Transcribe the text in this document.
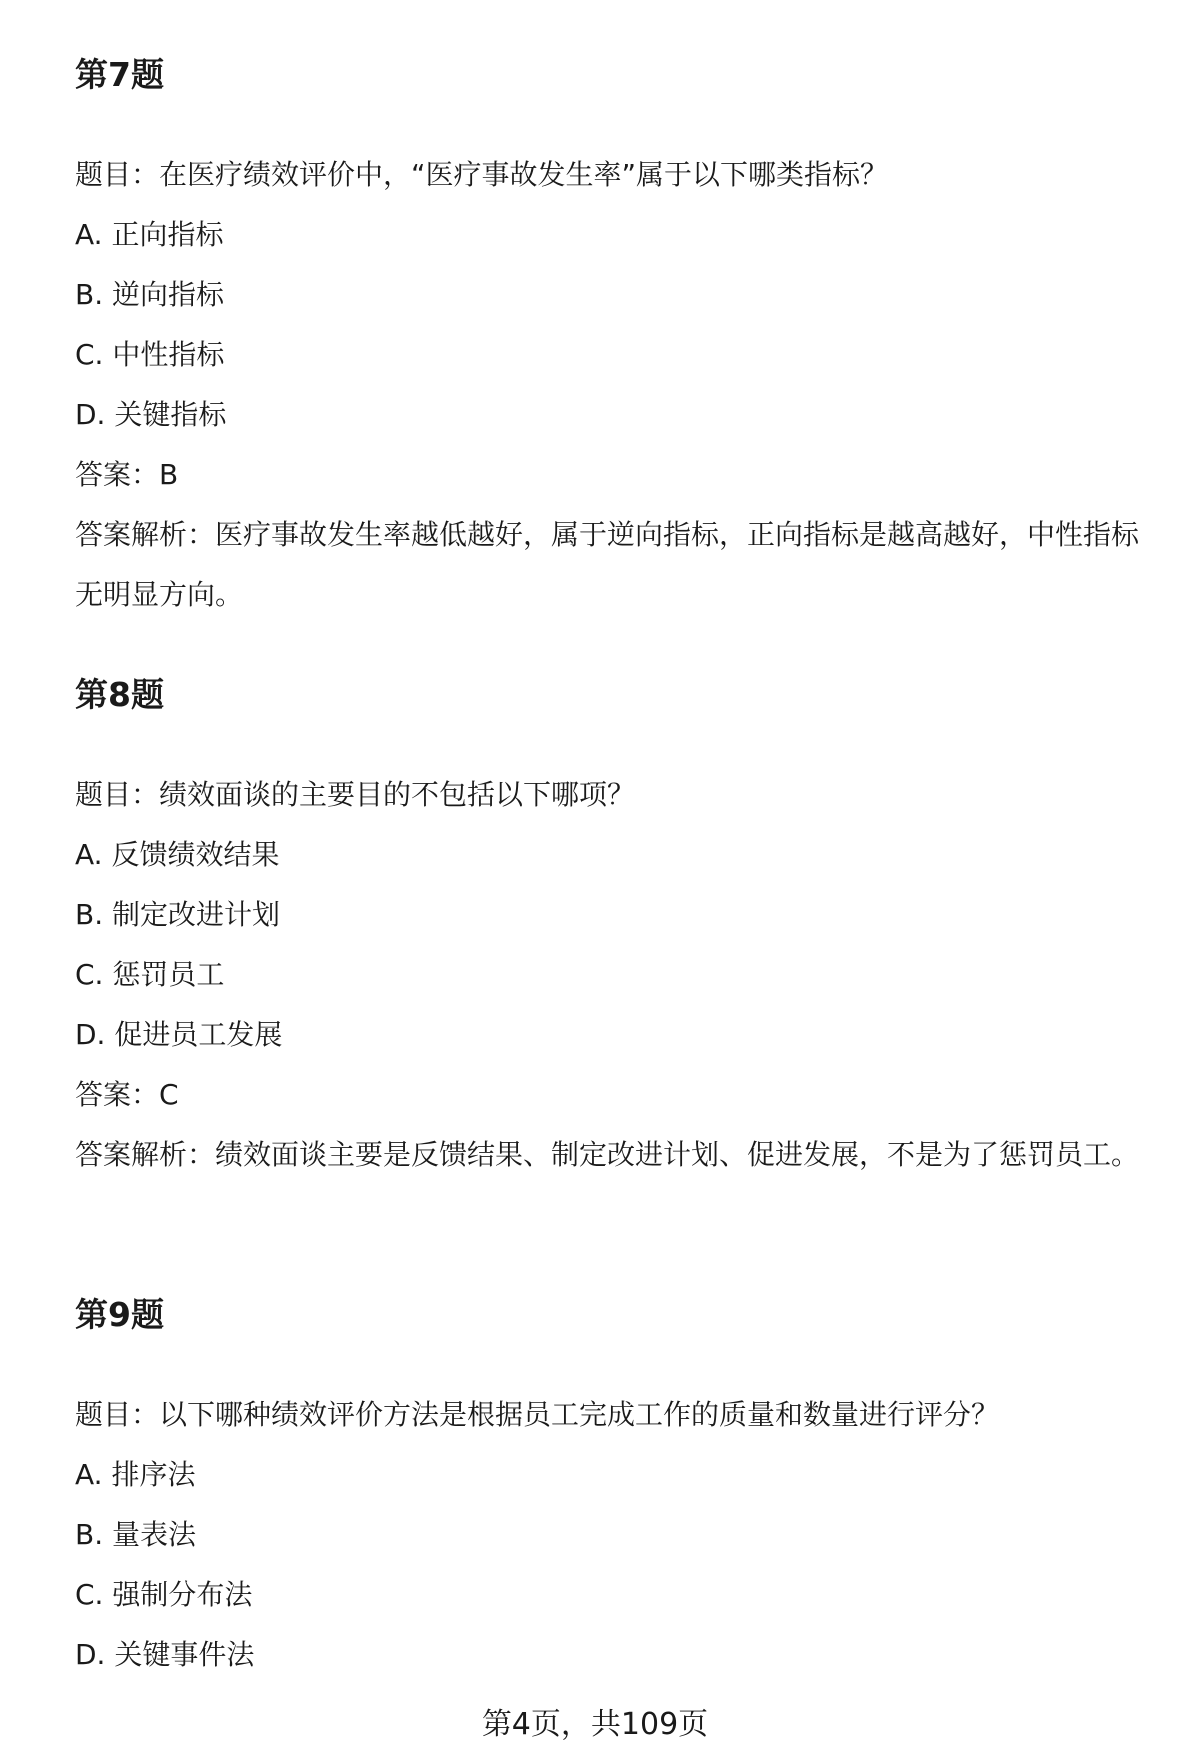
第7题
题目：在医疗绩效评价中，“医疗事故发生率”属于以下哪类指标？
A. 正向指标
B. 逆向指标
C. 中性指标
D. 关键指标
答案：B
答案解析：医疗事故发生率越低越好，属于逆向指标，正向指标是越高越好，中性指标无明显方向。
第8题
题目：绩效面谈的主要目的不包括以下哪项？
A. 反馈绩效结果
B. 制定改进计划
C. 惩罚员工
D. 促进员工发展
答案：C
答案解析：绩效面谈主要是反馈结果、制定改进计划、促进发展，不是为了惩罚员工。
第9题
题目：以下哪种绩效评价方法是根据员工完成工作的质量和数量进行评分？
A. 排序法
B. 量表法
C. 强制分布法
D. 关键事件法
第4页，共109页
